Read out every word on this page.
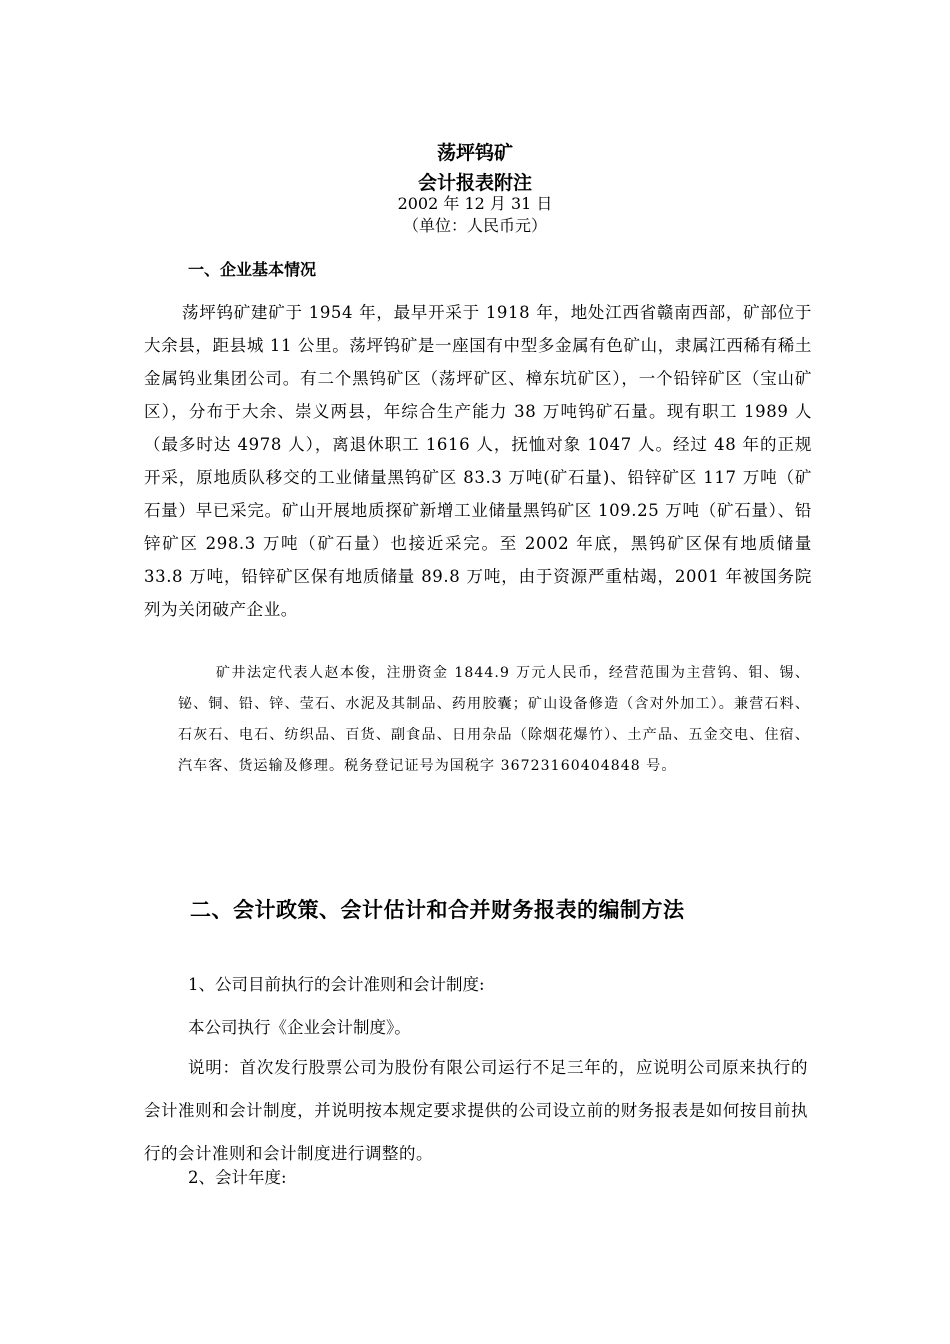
荡坪钨矿
会计报表附注
2002 年 12 月 31 日
（单位：人民币元）
一、企业基本情况
荡坪钨矿建矿于 1954 年，最早开采于 1918 年，地处江西省赣南西部，矿部位于大余县，距县城 11 公里。荡坪钨矿是一座国有中型多金属有色矿山，隶属江西稀有稀土金属钨业集团公司。有二个黑钨矿区（荡坪矿区、樟东坑矿区），一个铅锌矿区（宝山矿区），分布于大余、崇义两县，年综合生产能力 38 万吨钨矿石量。现有职工 1989 人（最多时达 4978 人），离退休职工 1616 人，抚恤对象 1047 人。经过 48 年的正规开采，原地质队移交的工业储量黑钨矿区 83.3 万吨(矿石量)、铅锌矿区 117 万吨（矿石量）早已采完。矿山开展地质探矿新增工业储量黑钨矿区 109.25 万吨（矿石量）、铅锌矿区 298.3 万吨（矿石量）也接近采完。至 2002 年底，黑钨矿区保有地质储量 33.8 万吨，铅锌矿区保有地质储量 89.8 万吨，由于资源严重枯竭，2001 年被国务院列为关闭破产企业。
矿井法定代表人赵本俊，注册资金 1844.9 万元人民币，经营范围为主营钨、钼、锡、铋、铜、铅、锌、莹石、水泥及其制品、药用胶囊；矿山设备修造（含对外加工）。兼营石料、石灰石、电石、纺织品、百货、副食品、日用杂品（除烟花爆竹）、土产品、五金交电、住宿、汽车客、货运输及修理。税务登记证号为国税字 36723160404848 号。
二、会计政策、会计估计和合并财务报表的编制方法
1、公司目前执行的会计准则和会计制度:
本公司执行《企业会计制度》。
说明：首次发行股票公司为股份有限公司运行不足三年的，应说明公司原来执行的会计准则和会计制度，并说明按本规定要求提供的公司设立前的财务报表是如何按目前执行的会计准则和会计制度进行调整的。
2、会计年度:
